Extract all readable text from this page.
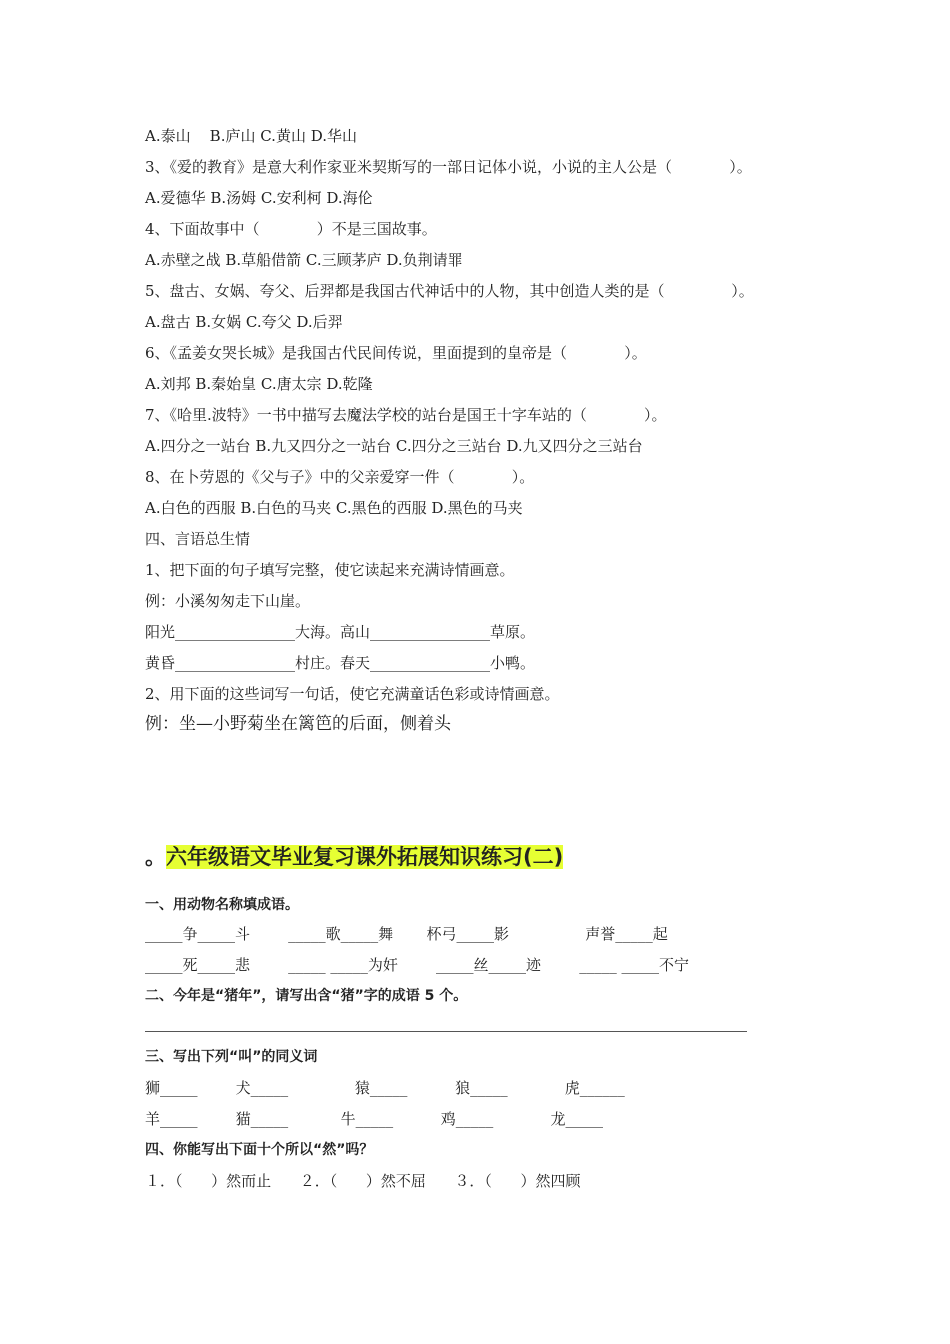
A.泰山    B.庐山 C.黄山 D.华山
3、《爱的教育》是意大利作家亚米契斯写的一部日记体小说，小说的主人公是（            ）。
A.爱德华 B.汤姆 C.安利柯 D.海伦
4、下面故事中（            ）不是三国故事。
A.赤壁之战 B.草船借箭 C.三顾茅庐 D.负荆请罪
5、盘古、女娲、夸父、后羿都是我国古代神话中的人物，其中创造人类的是（              ）。
A.盘古 B.女娲 C.夸父 D.后羿
6、《孟姜女哭长城》是我国古代民间传说，里面提到的皇帝是（            ）。
A.刘邦 B.秦始皇 C.唐太宗 D.乾隆
7、《哈里.波特》一书中描写去魔法学校的站台是国王十字车站的（            ）。
A.四分之一站台 B.九又四分之一站台 C.四分之三站台 D.九又四分之三站台
8、在卜劳恩的《父与子》中的父亲爱穿一件（            ）。
A.白色的西服 B.白色的马夹 C.黑色的西服 D.黑色的马夹
四、言语总生情
1、把下面的句子填写完整，使它读起来充满诗情画意。
例：小溪匆匆走下山崖。
阳光________________大海。高山________________草原。
黄昏________________村庄。春天________________小鸭。
2、用下面的这些词写一句话，使它充满童话色彩或诗情画意。
例：坐—小野菊坐在篱笆的后面，侧着头
。六年级语文毕业复习课外拓展知识练习(二)
一、用动物名称填成语。
_____争_____斗        _____歌_____舞       杯弓_____影                声誉_____起
_____死_____悲        _____ _____为奸        _____丝_____迹        _____ _____不宁
二、今年是“猪年”，请写出含“猪”字的成语 5 个。
三、写出下列“叫”的同义词
狮_____        犬_____              猿_____          狼_____            虎______
羊_____        猫_____           牛_____          鸡_____            龙_____
四、你能写出下面十个所以“然”吗？
１．（      ）然而止      ２．（      ）然不屈      ３．（      ）然四顾
